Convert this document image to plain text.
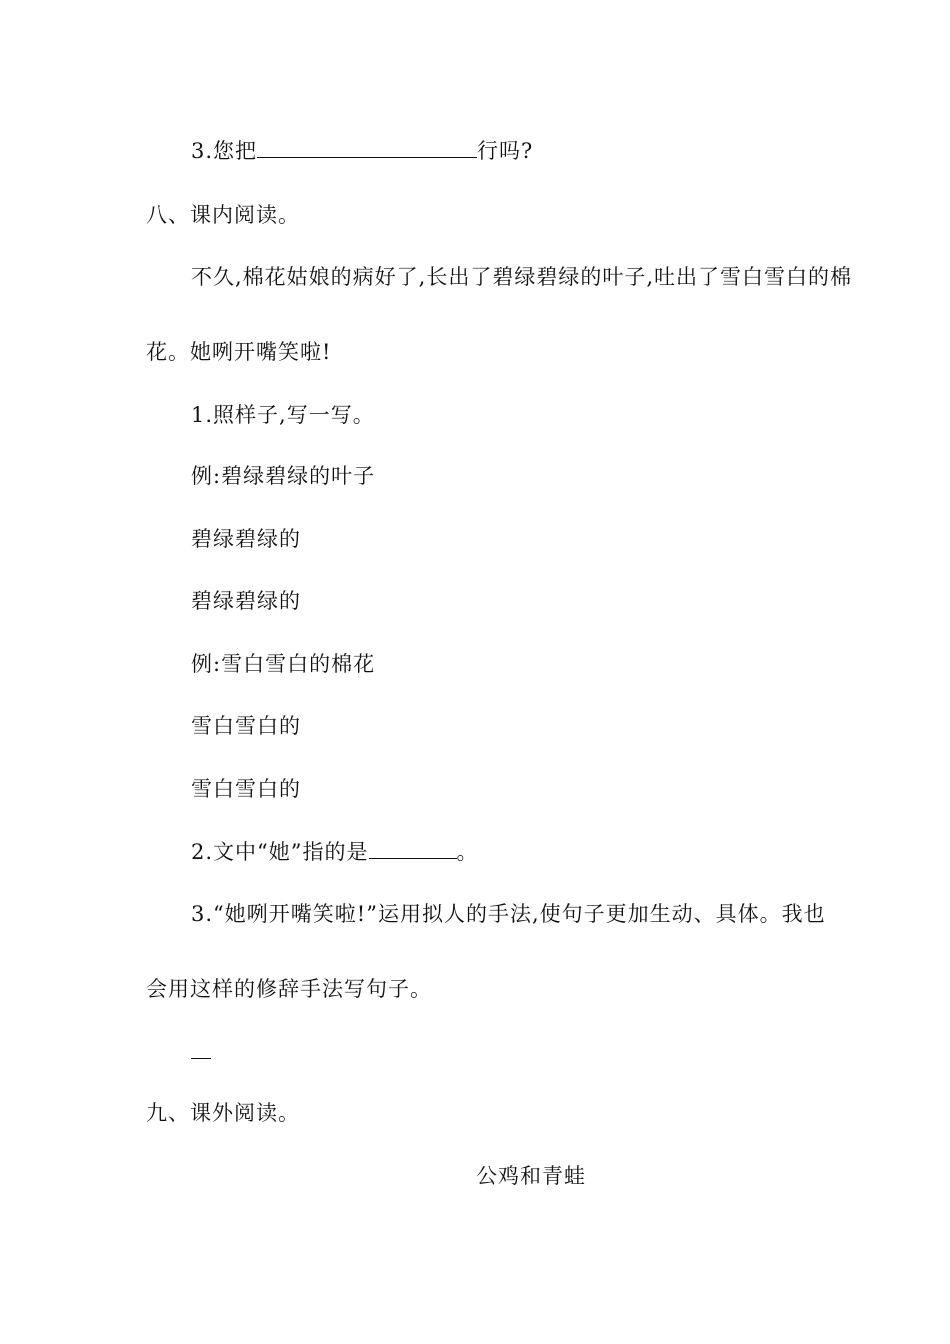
3.您把	行吗?
八、课内阅读。
不久,棉花姑娘的病好了,长出了碧绿碧绿的叶子,吐出了雪白雪白的棉
花。她咧开嘴笑啦!
1.照样子,写一写。
例:碧绿碧绿的叶子
碧绿碧绿的
碧绿碧绿的
例:雪白雪白的棉花
雪白雪白的
雪白雪白的
2.文中“她”指的是	。
3.“她咧开嘴笑啦!”运用拟人的手法,使句子更加生动、具体。我也
会用这样的修辞手法写句子。
九、课外阅读。
公鸡和青蛙
